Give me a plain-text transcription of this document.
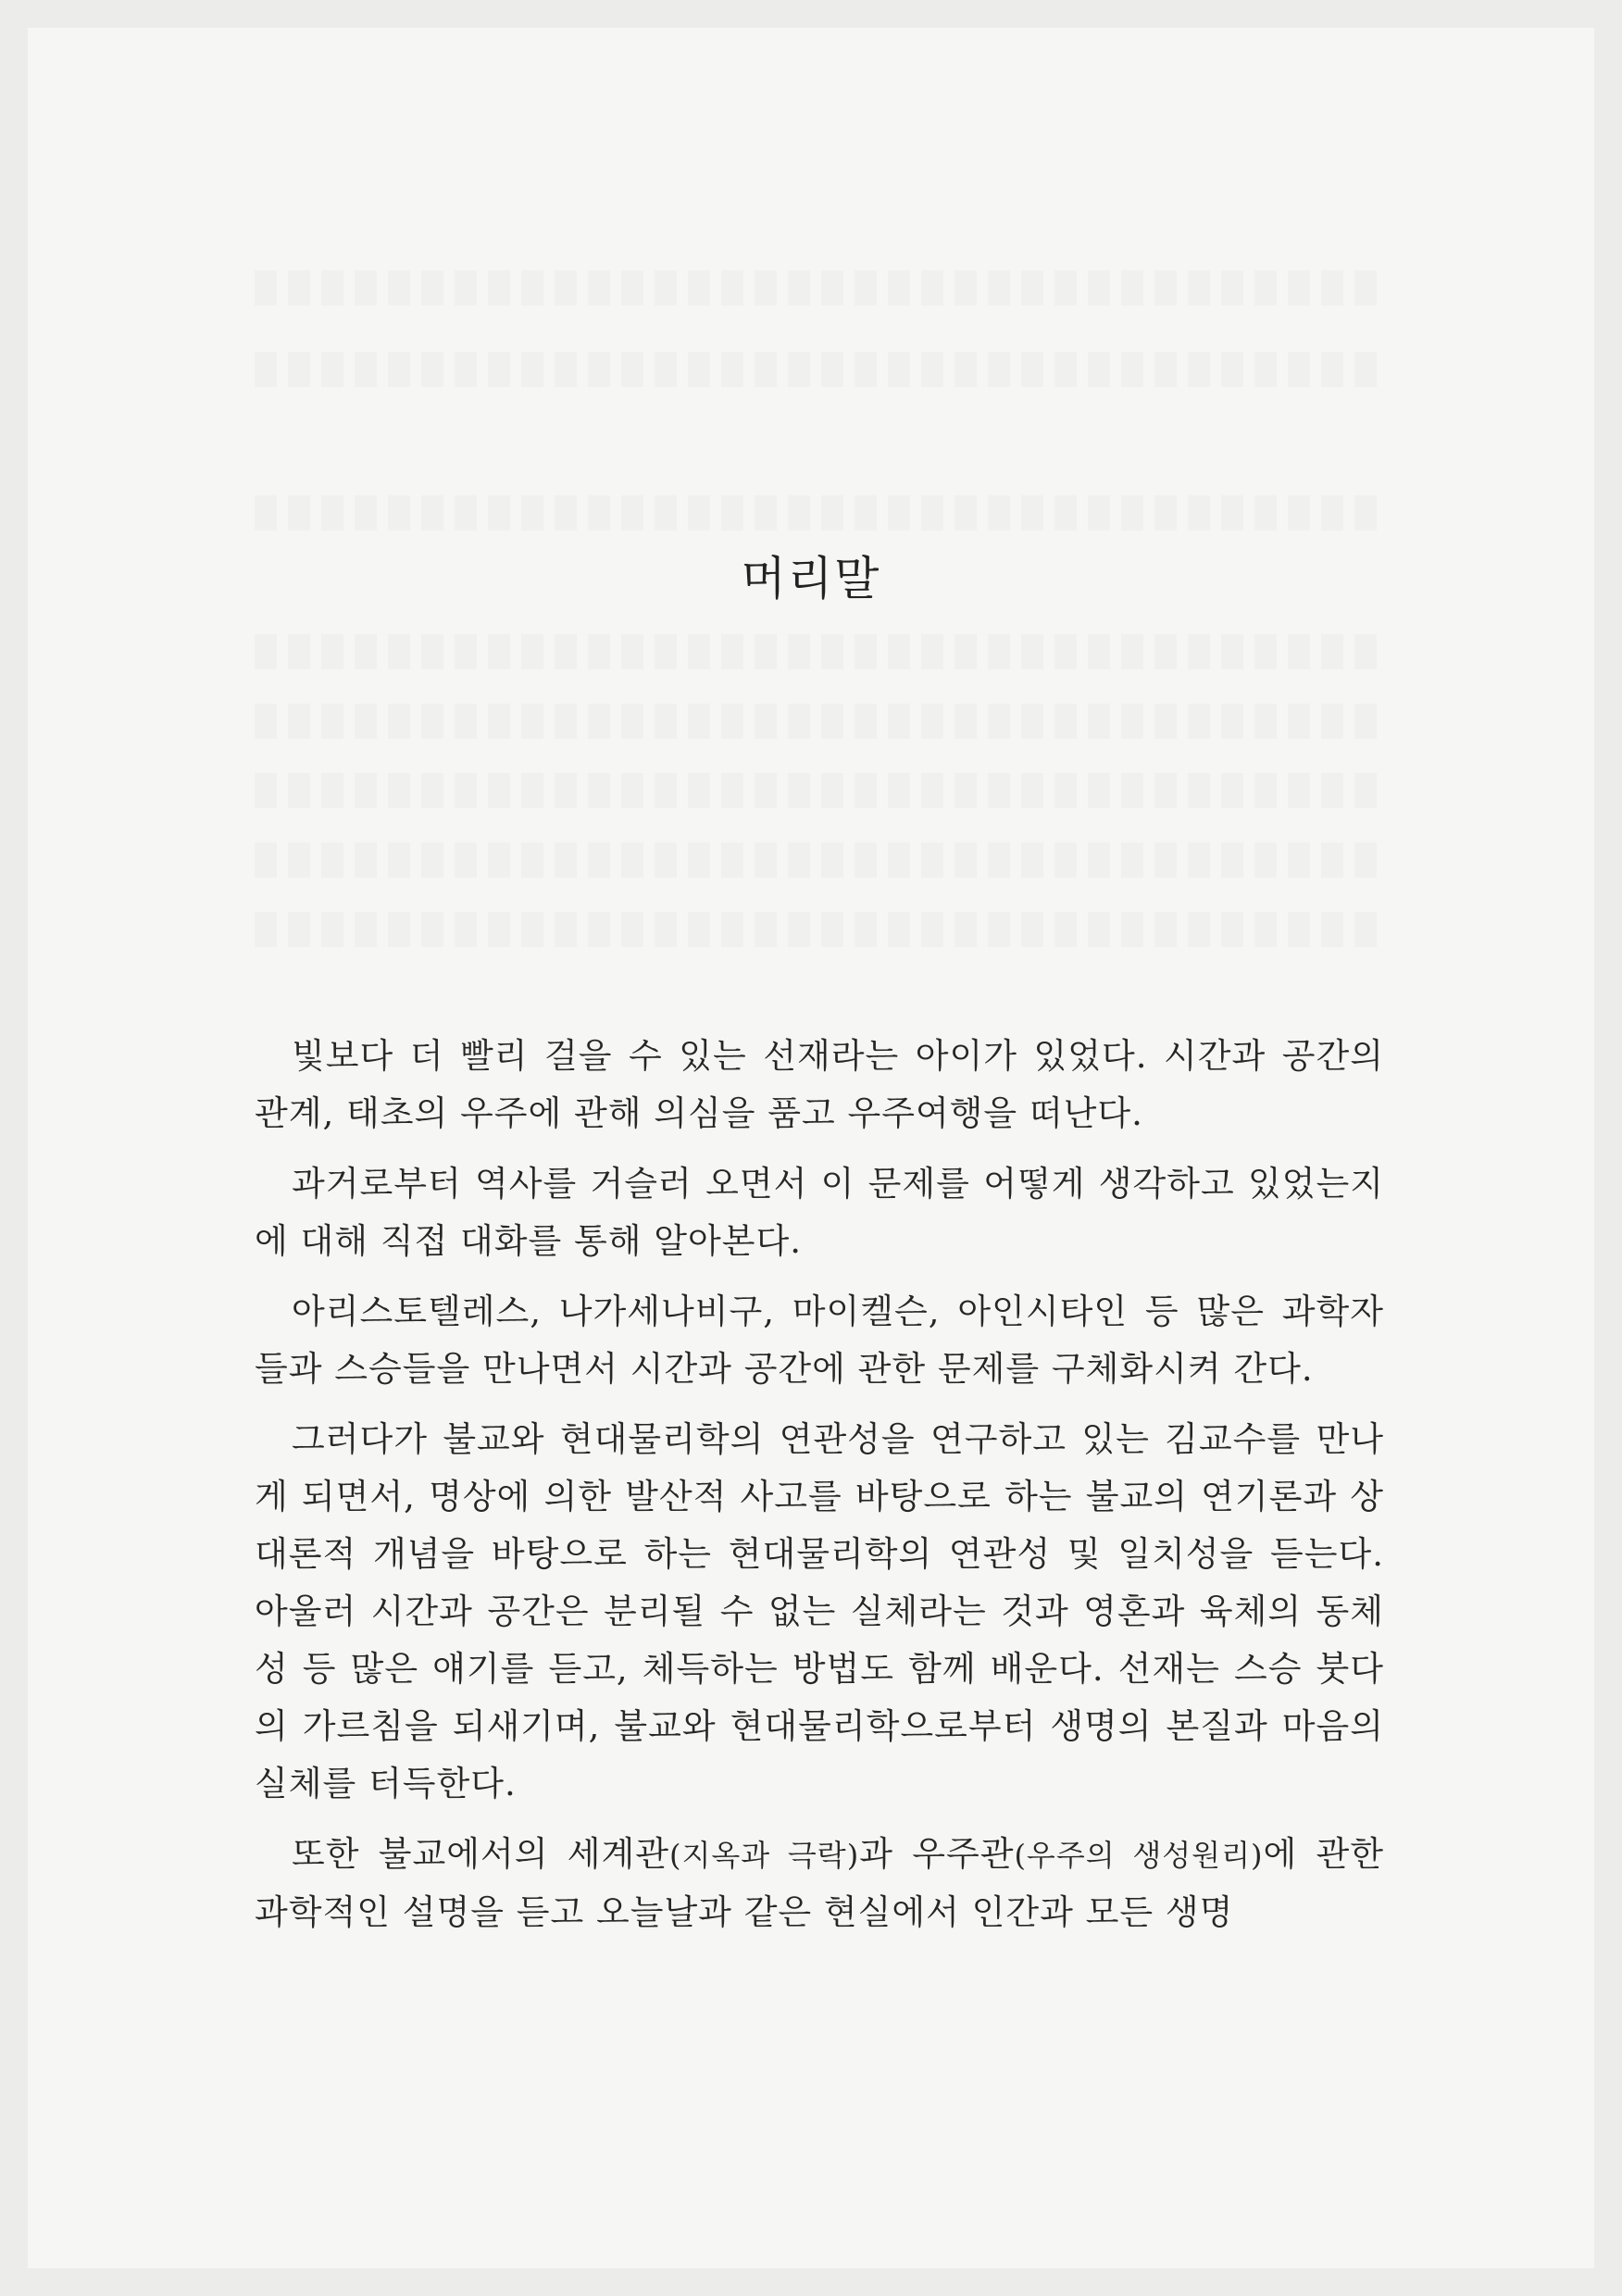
머리말

빛보다 더 빨리 걸을 수 있는 선재라는 아이가 있었다. 시간과 공간의 관계, 태초의 우주에 관해 의심을 품고 우주여행을 떠난다.

과거로부터 역사를 거슬러 오면서 이 문제를 어떻게 생각하고 있었는지에 대해 직접 대화를 통해 알아본다.

아리스토텔레스, 나가세나비구, 마이켈슨, 아인시타인 등 많은 과학자들과 스승들을 만나면서 시간과 공간에 관한 문제를 구체화시켜 간다.

그러다가 불교와 현대물리학의 연관성을 연구하고 있는 김교수를 만나게 되면서, 명상에 의한 발산적 사고를 바탕으로 하는 불교의 연기론과 상대론적 개념을 바탕으로 하는 현대물리학의 연관성 및 일치성을 듣는다. 아울러 시간과 공간은 분리될 수 없는 실체라는 것과 영혼과 육체의 동체성 등 많은 얘기를 듣고, 체득하는 방법도 함께 배운다. 선재는 스승 붓다의 가르침을 되새기며, 불교와 현대물리학으로부터 생명의 본질과 마음의 실체를 터득한다.

또한 불교에서의 세계관(지옥과 극락)과 우주관(우주의 생성원리)에 관한 과학적인 설명을 듣고 오늘날과 같은 현실에서 인간과 모든 생명
